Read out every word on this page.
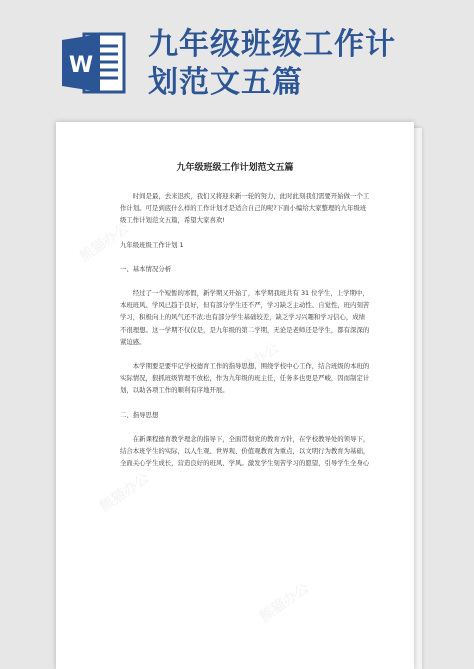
W
九年级班级工作计
划范文五篇
熊猫办公
熊猫办公
熊猫办公
熊猫办公
九年级班级工作计划范文五篇

时间是最，去来迅疾，我们又将迎来新一轮的努力，此时此刻我们需要开始做一个工作计划。可是到底什么样的工作计划才是适合自己的呢?下面小编给大家整理的九年级班级工作计划范文五篇，希望大家喜欢!

九年级班级工作计划 1

一、基本情况分析

经过了一个短暂的寒假，新学期又开始了，本学期我班共有 31 位学生，上学期中，本班班风、学风已趋于良好，但有部分学生还不严，学习缺乏主动性、自觉性，班内刻苦学习，积极向上的风气还不浓;也有部分学生基础较差，缺乏学习兴趣和学习信心，成绩不很理想。这一学期不仅仅是，是九年级的第二学期，无论是老师还是学生，都有深深的紧迫感。

本学期要是要牢记学校德育工作的指导思想，围绕学校中心工作，结合班级的本班的实际情况，狠抓班级管理不放松，作为九年级的班主任，任务多也更是严峻，因而制定计划，以助各项工作的顺利有序地开展。

二、指导思想

在新课程德育教学理念的指导下，全面贯彻党的教育方针，在学校教导处的领导下，结合本班学生的实际，以人生观、世界观、价值观教育为重点，以文明行为教育为基础，全面关心学生成长，营造良好的班风、学风。激发学生刻苦学习的愿望，引导学生全身心
